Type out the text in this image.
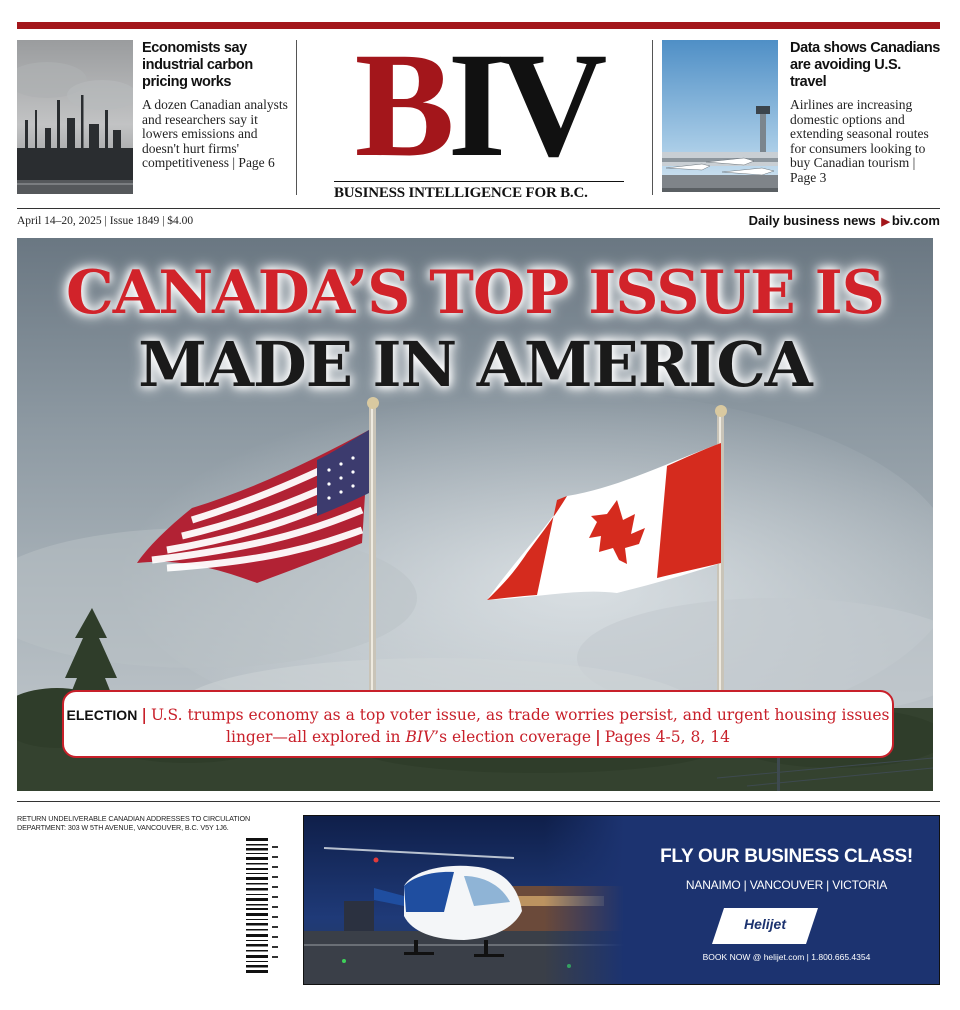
Economists say industrial carbon pricing works
A dozen Canadian analysts and researchers say it lowers emissions and doesn't hurt firms' competitiveness | Page 6 BIV
BUSINESS INTELLIGENCE FOR B.C.
Data shows Canadians are avoiding U.S. travel
Airlines are increasing domestic options and extending seasonal routes for consumers looking to buy Canadian tourism | Page 3
April 14–20, 2025 | Issue 1849 | $4.00	Daily business news ▶ biv.com
CANADA’S TOP ISSUE IS
MADE IN AMERICA
ELECTION | U.S. trumps economy as a top voter issue, as trade worries persist, and urgent housing issues linger—all explored in BIV’s election coverage | Pages 4-5, 8, 14
RETURN UNDELIVERABLE CANADIAN ADDRESSES TO CIRCULATION DEPARTMENT: 303 W 5TH AVENUE, VANCOUVER, B.C. V5Y 1J6.
FLY OUR BUSINESS CLASS!
NANAIMO | VANCOUVER | VICTORIA
Helijet
BOOK NOW @ helijet.com | 1.800.665.4354
